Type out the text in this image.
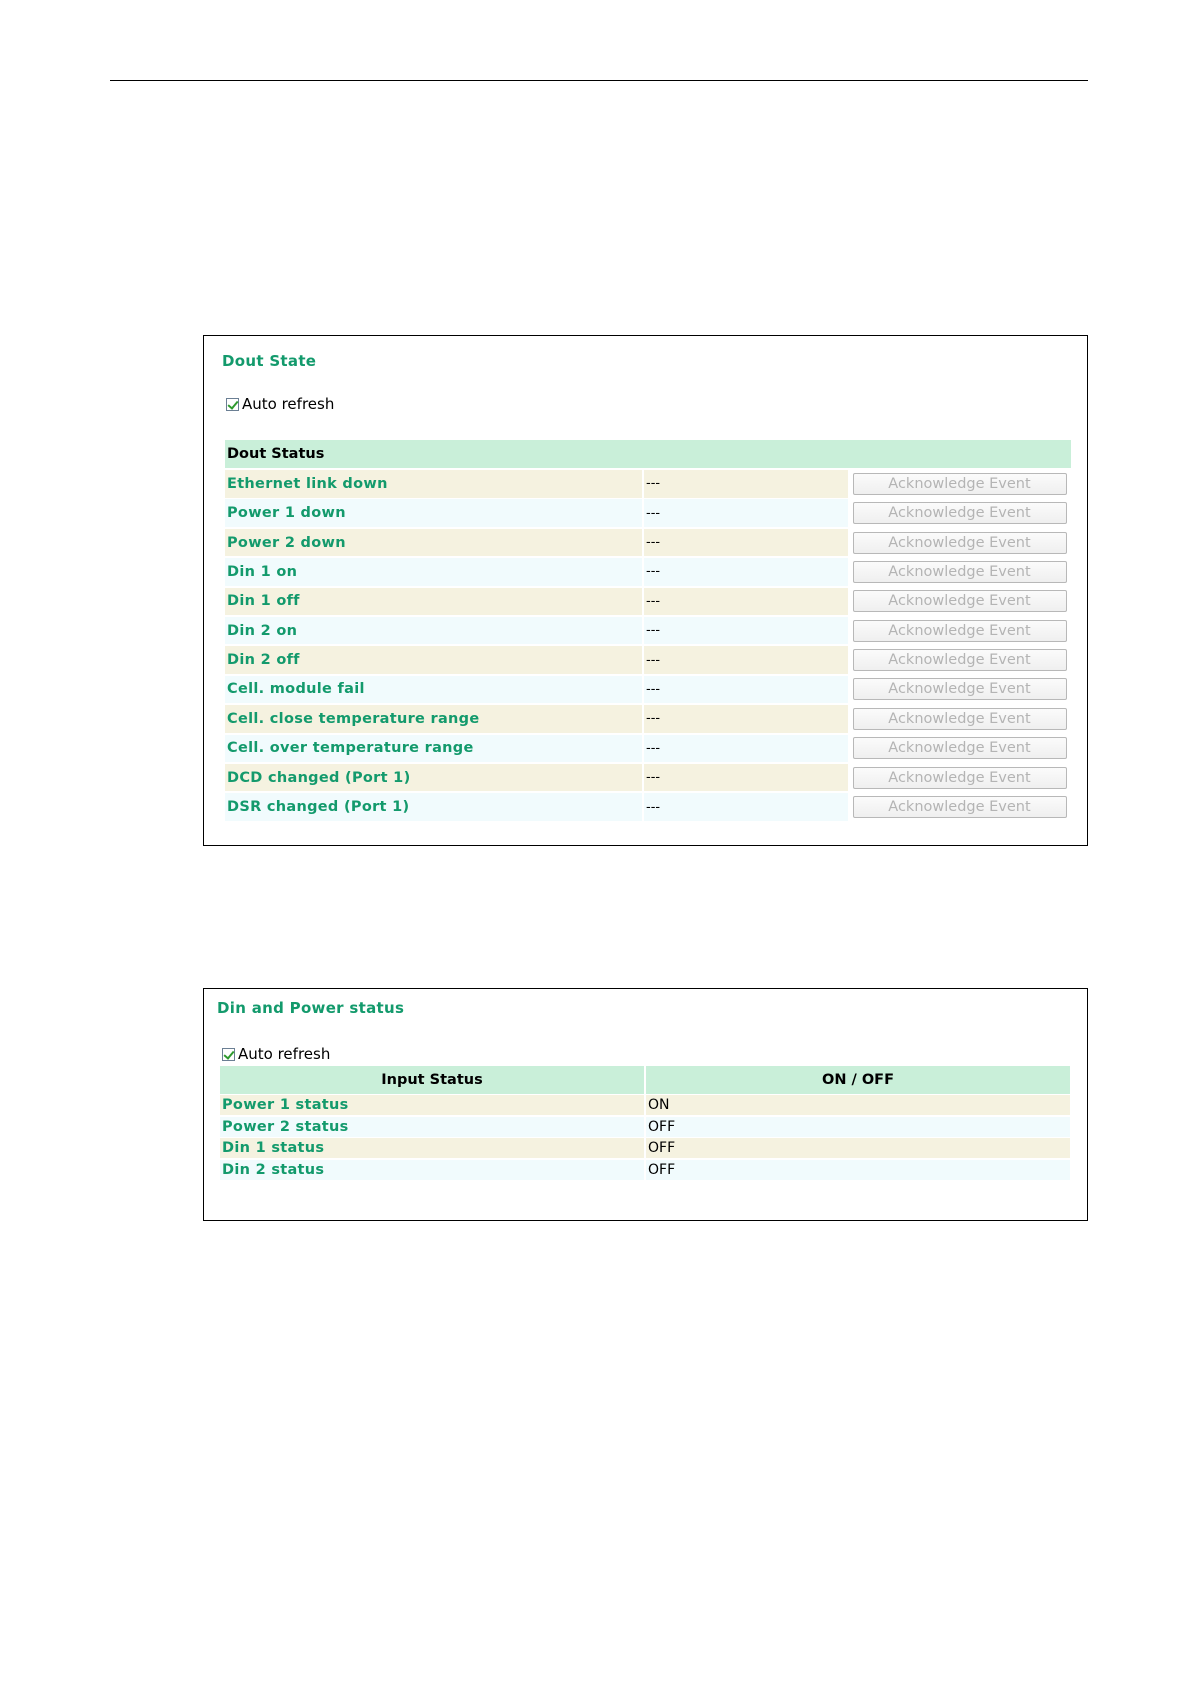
Dout State
Auto refresh
Dout Status
Ethernet link down	---	Acknowledge Event
Power 1 down	---	Acknowledge Event
Power 2 down	---	Acknowledge Event
Din 1 on	---	Acknowledge Event
Din 1 off	---	Acknowledge Event
Din 2 on	---	Acknowledge Event
Din 2 off	---	Acknowledge Event
Cell. module fail	---	Acknowledge Event
Cell. close temperature range	---	Acknowledge Event
Cell. over temperature range	---	Acknowledge Event
DCD changed (Port 1)	---	Acknowledge Event
DSR changed (Port 1)	---	Acknowledge Event
Din and Power status
Auto refresh
Input Status	ON / OFF
Power 1 status	ON
Power 2 status	OFF
Din 1 status	OFF
Din 2 status	OFF
